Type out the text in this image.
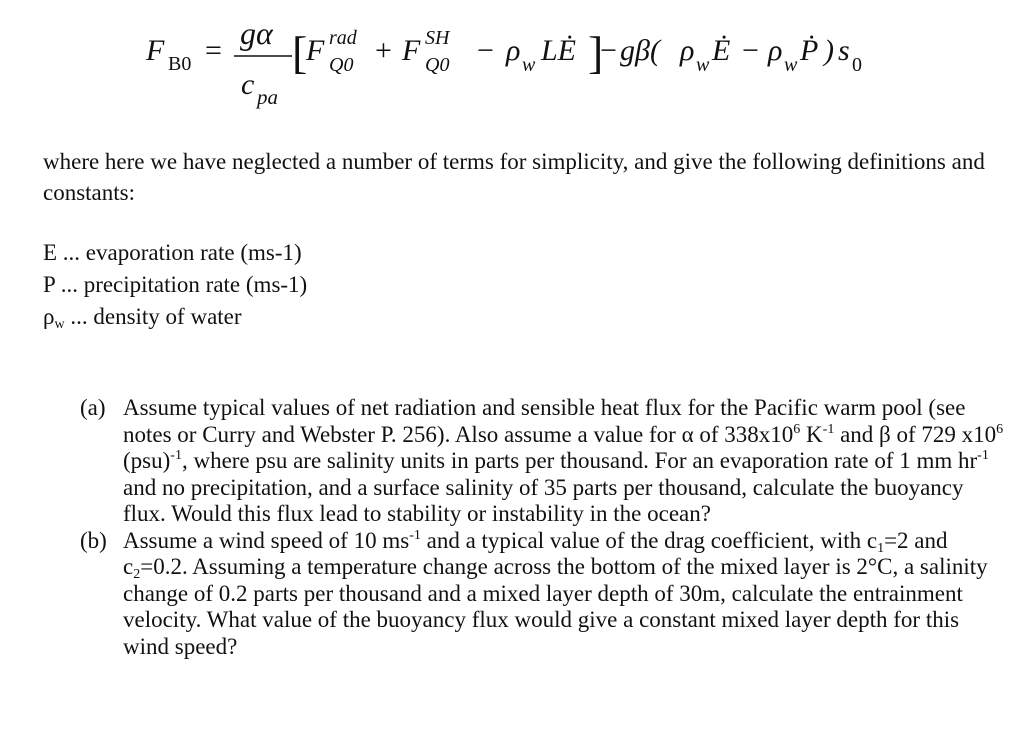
F B0 = gα
c pa
[
F rad
Q0 + F SH
Q0 − ρ w LĖ ]
− gβ( ρ w Ė − ρ w Ṗ ) s 0

where here we have neglected a number of terms for simplicity, and give the following definitions and constants:

E ... evaporation rate (ms-1)
P ... precipitation rate (ms-1)
$\rho_w$ ... density of water
(a) Assume typical values of net radiation and sensible heat flux for the Pacific warm pool (see notes or Curry and Webster P. 256). Also assume a value for α of $338x10^6$ $K^{-1}$ and β of 729 $x10^6$ (psu)$^{-1}$, where psu are salinity units in parts per thousand. For an evaporation rate of 1 mm $hr^{-1}$ and no precipitation, and a surface salinity of 35 parts per thousand, calculate the buoyancy flux. Would this flux lead to stability or instability in the ocean?
(b) Assume a wind speed of 10 $ms^{-1}$ and a typical value of the drag coefficient, with $c_1=2$ and $c_2=0.2$. Assuming a temperature change across the bottom of the mixed layer is 2°C, a salinity change of 0.2 parts per thousand and a mixed layer depth of 30m, calculate the entrainment velocity. What value of the buoyancy flux would give a constant mixed layer depth for this wind speed?
